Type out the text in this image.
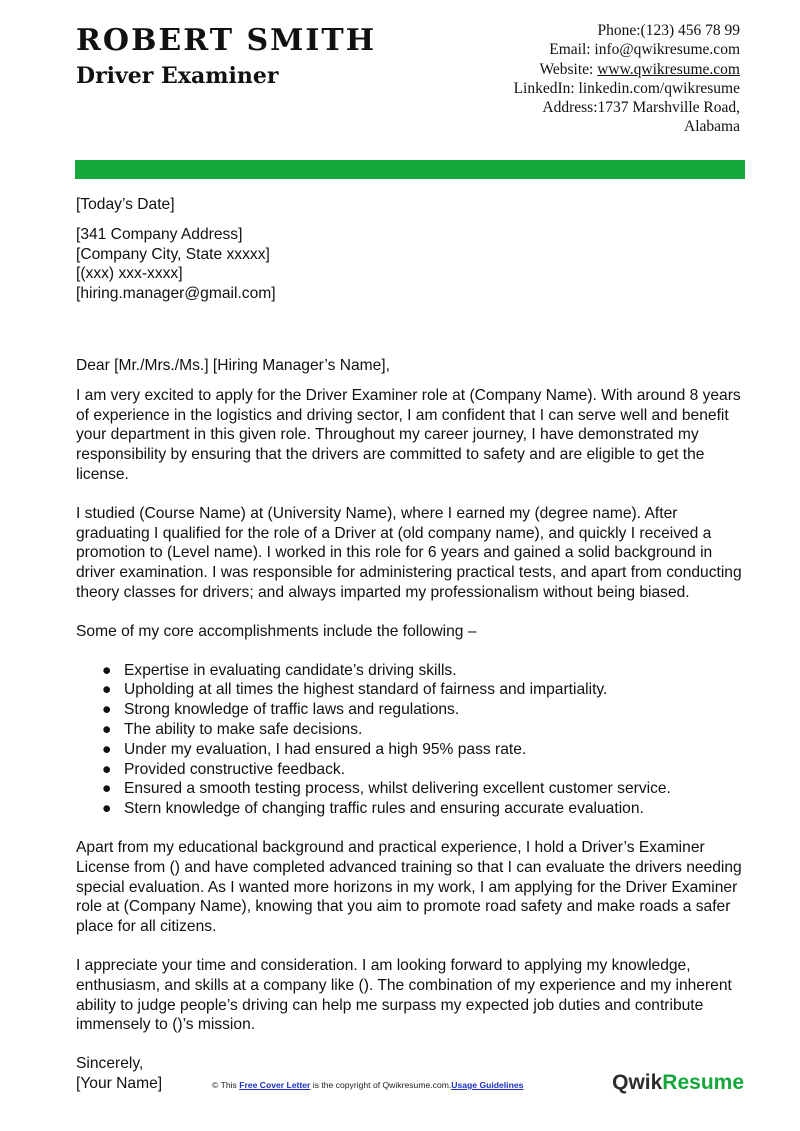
ROBERT SMITH
Driver Examiner
Phone:(123) 456 78 99
Email: info@qwikresume.com
Website: www.qwikresume.com
LinkedIn: linkedin.com/qwikresume
Address:1737 Marshville Road,
Alabama

[Today’s Date]

[341 Company Address]

[Company City, State xxxxx]

[(xxx) xxx-xxxx]

[hiring.manager@gmail.com]

Dear [Mr./Mrs./Ms.] [Hiring Manager’s Name],

I am very excited to apply for the Driver Examiner role at (Company Name). With around 8 years of experience in the logistics and driving sector, I am confident that I can serve well and benefit your department in this given role. Throughout my career journey, I have demonstrated my responsibility by ensuring that the drivers are committed to safety and are eligible to get the license.

I studied (Course Name) at (University Name), where I earned my (degree name). After graduating I qualified for the role of a Driver at (old company name), and quickly I received a promotion to (Level name). I worked in this role for 6 years and gained a solid background in driver examination. I was responsible for administering practical tests, and apart from conducting theory classes for drivers; and always imparted my professionalism without being biased.

Some of my core accomplishments include the following –

● Expertise in evaluating candidate’s driving skills.
● Upholding at all times the highest standard of fairness and impartiality.
● Strong knowledge of traffic laws and regulations.
● The ability to make safe decisions.
● Under my evaluation, I had ensured a high 95% pass rate.
● Provided constructive feedback.
● Ensured a smooth testing process, whilst delivering excellent customer service.
● Stern knowledge of changing traffic rules and ensuring accurate evaluation.

Apart from my educational background and practical experience, I hold a Driver’s Examiner License from () and have completed advanced training so that I can evaluate the drivers needing special evaluation. As I wanted more horizons in my work, I am applying for the Driver Examiner role at (Company Name), knowing that you aim to promote road safety and make roads a safer place for all citizens.

I appreciate your time and consideration. I am looking forward to applying my knowledge, enthusiasm, and skills at a company like (). The combination of my experience and my inherent ability to judge people’s driving can help me surpass my expected job duties and contribute immensely to ()’s mission.

Sincerely,

[Your Name]	© This Free Cover Letter is the copyright of Qwikresume.com.Usage Guidelines	QwikResume
